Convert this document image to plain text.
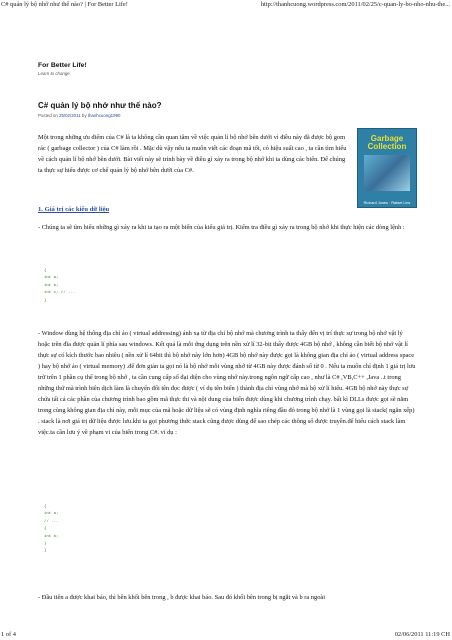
C# quản lý bộ nhớ như thế nào? | For Better Life!	http://thanhcuong.wordpress.com/2011/02/25/c-quan-ly-bo-nho-nhu-the...
For Better Life!
Learn to change.
C# quản lý bộ nhớ như thế nào?
Posted on 25/02/2011 by thanhcuong1990
Garbage
Collection
Richard Jones · Rafael Lins
Một trong những ưu điểm của C# là ta không cần quan tâm về việc quản lí bộ nhớ bên dưới vì điều này đã được bộ gom rác ( garbage collector ) của C# làm rồi . Mặc dù vậy nếu ta muốn viết các đoạn mã tốt, có hiệu suất cao , ta cần tìm hiểu về cách quản lí bộ nhớ bên dưới. Bài viết này sẽ trình bày về điều gì xảy ra trong bộ nhớ khi ta dùng các biến. Để chúng ta thực sự hiểu được cơ chế quản lý bộ nhớ bên dưới của C#.
1. Giá trị các kiểu dữ liệu
- Chúng ta sẽ tìm hiểu những gì xảy ra khi ta tạo ra một biến của kiểu giá trị. Kiểm tra điều gì xảy ra trong bộ nhớ khi thực hiện các dòng lệnh :
{
int a;
int b;
int c; // ...
}
- Window dùng hệ thống địa chỉ ảo ( virtual addressing) ánh xạ từ địa chỉ bộ nhớ mà chương trình ta thấy đến vị trí thực sự trong bộ nhớ vật lý hoặc trên đĩa được quản lí phía sau windows. Kết quả là mỗi ứng dụng trên nền xử lí 32-bit thấy được 4GB bộ nhớ , không cần biết bộ nhớ vật lí thực sự có kích thước bao nhiêu ( nền xử lí 64bit thì bộ nhớ này lớn hơn) 4GB bộ nhớ này được gọi là không gian địa chỉ ảo ( virtual address space ) hay bộ nhớ ảo ( virtual memory) .để đơn giản ta gọi nó là bộ nhớ mỗi vùng nhớ từ 4GB này được đánh số từ 0 . Nếu ta muốn chỉ định 1 giá trị lưu trữ trên 1 phần cụ thể trong bộ nhớ , ta cần cung cấp số đại diện cho vùng nhớ này.trong ngôn ngữ cấp cao , như là C# ,VB,C++ ,Java ..t trong những thứ mà trình biên dịch làm là chuyển đổi tên đọc được ( ví dụ tên biến ) thành địa chỉ vùng nhớ mà bộ xử lí hiểu. 4GB bộ nhớ này thực sự chứa tất cả các phần của chương trình bao gồm mã thực thi và nội dung của biến được dùng khi chương trình chạy. bất kì DLLs được gọi sẽ nằm trong cùng không gian địa chỉ này, mỗi mục của mã hoặc dữ liệu sẽ có vùng định nghĩa riêng đầu đó trong bộ nhớ là 1 vùng gọi là stack( ngăn xếp) . stack là nơi giá trị dữ liệu được lưu.khi ta gọi phương thức stack cũng được dùng để sao chép các thông số được truyền.để hiểu cách stack làm việc.ta cần lưu ý về phạm vi của biến trong C#. ví dụ :
{
int a;
// ...
{
int b;
}
}
- Đầu tiên a được khai báo, thì bên khối bên trong , b được khai báo. Sau đó khối bên trong bị ngắt và b ra ngoài
1 of 4	02/06/2011 11:19 CH
